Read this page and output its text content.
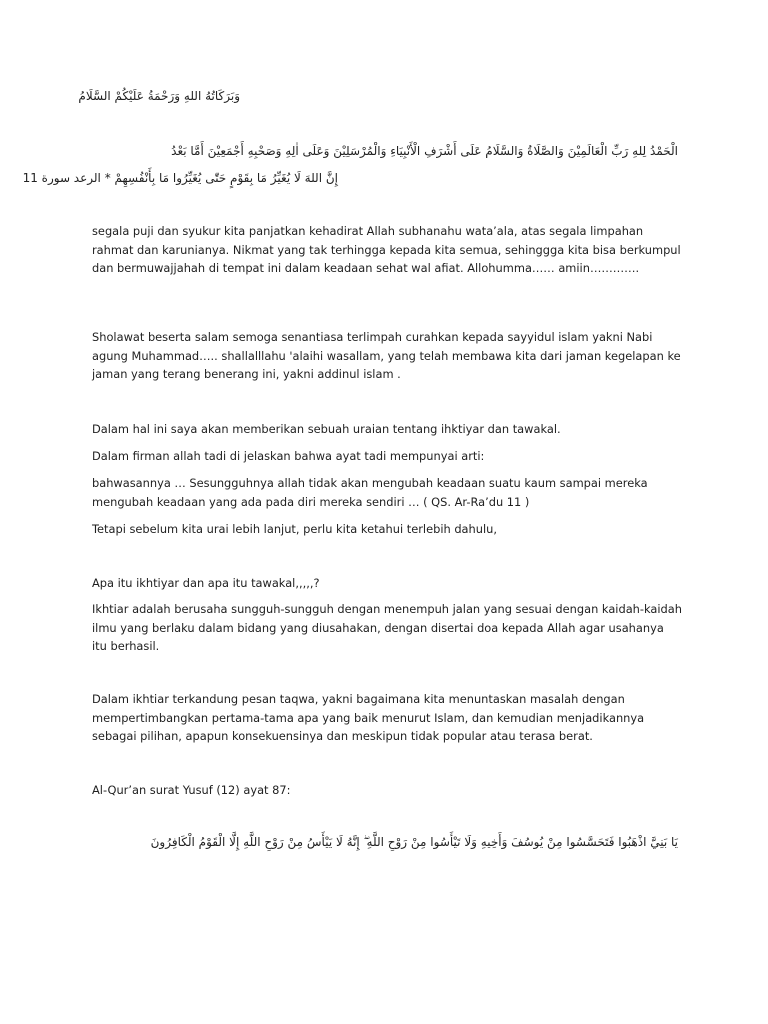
وَبَرَكَاتُهُ اللهِ وَرَحْمَةُ عَلَيْكُمْ السَّلَامُ
الْحَمْدُ لِلهِ رَبِّ الْعَالَمِيْنَ وَالصَّلَاةُ وَالسَّلَامُ عَلَى أَشْرَفِ الْأَنْبِيَاءِ وَالْمُرْسَلِيْنَ وَعَلَى اٰلِهِ وَصَحْبِهِ أَجْمَعِيْنَ أَمَّا بَعْدُ
إِنَّ اللهَ لَا يُغَيِّرُ مَا بِقَوْمٍ حَتّٰى يُغَيِّرُوا مَا بِأَنْفُسِهِمْ * الرعد سورة 11

segala puji dan syukur kita panjatkan kehadirat Allah subhanahu wata’ala, atas segala limpahan rahmat dan karunianya. Nikmat yang tak terhingga kepada kita semua, sehinggga kita bisa berkumpul dan bermuwajjahah di tempat ini dalam keadaan sehat wal afiat. Allohumma…… amiin………….

Sholawat beserta salam semoga senantiasa terlimpah curahkan kepada sayyidul islam yakni Nabi agung Muhammad….. shallalllahu 'alaihi wasallam, yang telah membawa kita dari jaman kegelapan ke jaman yang terang benerang ini, yakni addinul islam .

Dalam hal ini saya akan memberikan sebuah uraian tentang ihktiyar dan tawakal.

Dalam firman allah tadi di jelaskan bahwa ayat tadi mempunyai arti:

bahwasannya … Sesungguhnya allah tidak akan mengubah keadaan suatu kaum sampai mereka mengubah keadaan yang ada pada diri mereka sendiri … ( QS. Ar-Ra’du 11 )

Tetapi sebelum kita urai lebih lanjut, perlu kita ketahui terlebih dahulu,

Apa itu ikhtiyar dan apa itu tawakal,,,,,?

Ikhtiar adalah berusaha sungguh-sungguh dengan menempuh jalan yang sesuai dengan kaidah-kaidah ilmu yang berlaku dalam bidang yang diusahakan, dengan disertai doa kepada Allah agar usahanya itu berhasil.

Dalam ikhtiar terkandung pesan taqwa, yakni bagaimana kita menuntaskan masalah dengan mempertimbangkan pertama-tama apa yang baik menurut Islam, dan kemudian menjadikannya sebagai pilihan, apapun konsekuensinya dan meskipun tidak popular atau terasa berat.

Al-Qur’an surat Yusuf (12) ayat 87:

يَا بَنِيَّ اذْهَبُوا فَتَحَسَّسُوا مِنْ يُوسُفَ وَأَخِيهِ وَلَا تَيْأَسُوا مِنْ رَوْحِ اللَّهِ ۖ إِنَّهُ لَا يَيْأَسُ مِنْ رَوْحِ اللَّهِ إِلَّا الْقَوْمُ الْكَافِرُونَ
